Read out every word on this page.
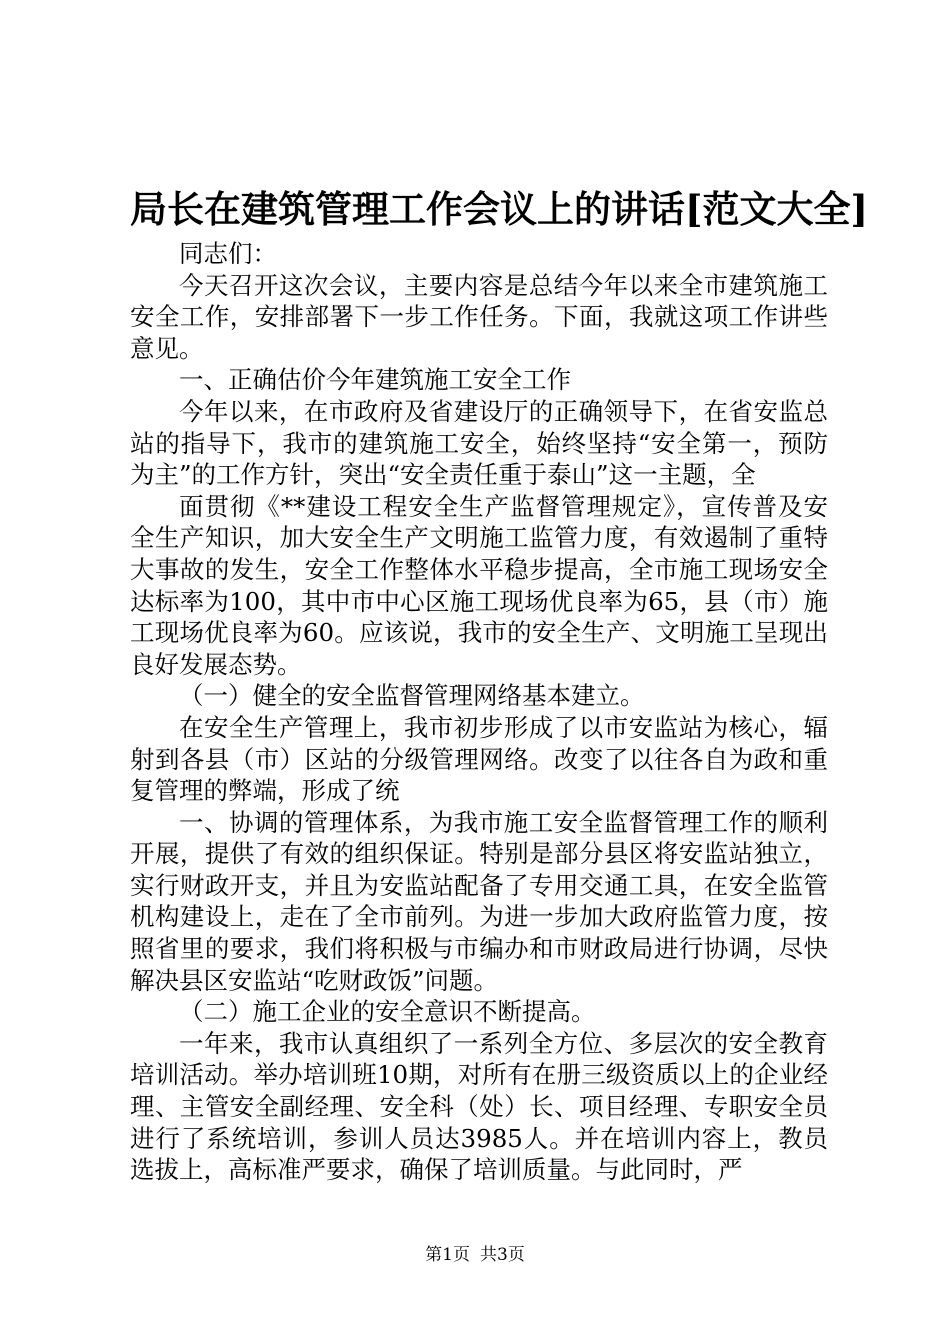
局长在建筑管理工作会议上的讲话[范文大全]

同志们：

今天召开这次会议，主要内容是总结今年以来全市建筑施工安全工作，安排部署下一步工作任务。下面，我就这项工作讲些意见。

一、正确估价今年建筑施工安全工作

今年以来，在市政府及省建设厅的正确领导下，在省安监总站的指导下，我市的建筑施工安全，始终坚持“安全第一，预防为主”的工作方针，突出“安全责任重于泰山”这一主题，全

面贯彻《**建设工程安全生产监督管理规定》，宣传普及安全生产知识，加大安全生产文明施工监管力度，有效遏制了重特大事故的发生，安全工作整体水平稳步提高，全市施工现场安全达标率为100，其中市中心区施工现场优良率为65，县（市）施工现场优良率为60。应该说，我市的安全生产、文明施工呈现出良好发展态势。

（一）健全的安全监督管理网络基本建立。

在安全生产管理上，我市初步形成了以市安监站为核心，辐射到各县（市）区站的分级管理网络。改变了以往各自为政和重复管理的弊端，形成了统

一、协调的管理体系，为我市施工安全监督管理工作的顺利开展，提供了有效的组织保证。特别是部分县区将安监站独立，实行财政开支，并且为安监站配备了专用交通工具，在安全监管机构建设上，走在了全市前列。为进一步加大政府监管力度，按照省里的要求，我们将积极与市编办和市财政局进行协调，尽快解决县区安监站“吃财政饭”问题。

（二）施工企业的安全意识不断提高。

一年来，我市认真组织了一系列全方位、多层次的安全教育培训活动。举办培训班10期，对所有在册三级资质以上的企业经理、主管安全副经理、安全科（处）长、项目经理、专职安全员进行了系统培训，参训人员达3985人。并在培训内容上，教员选拔上，高标准严要求，确保了培训质量。与此同时，严

第1页 共3页
